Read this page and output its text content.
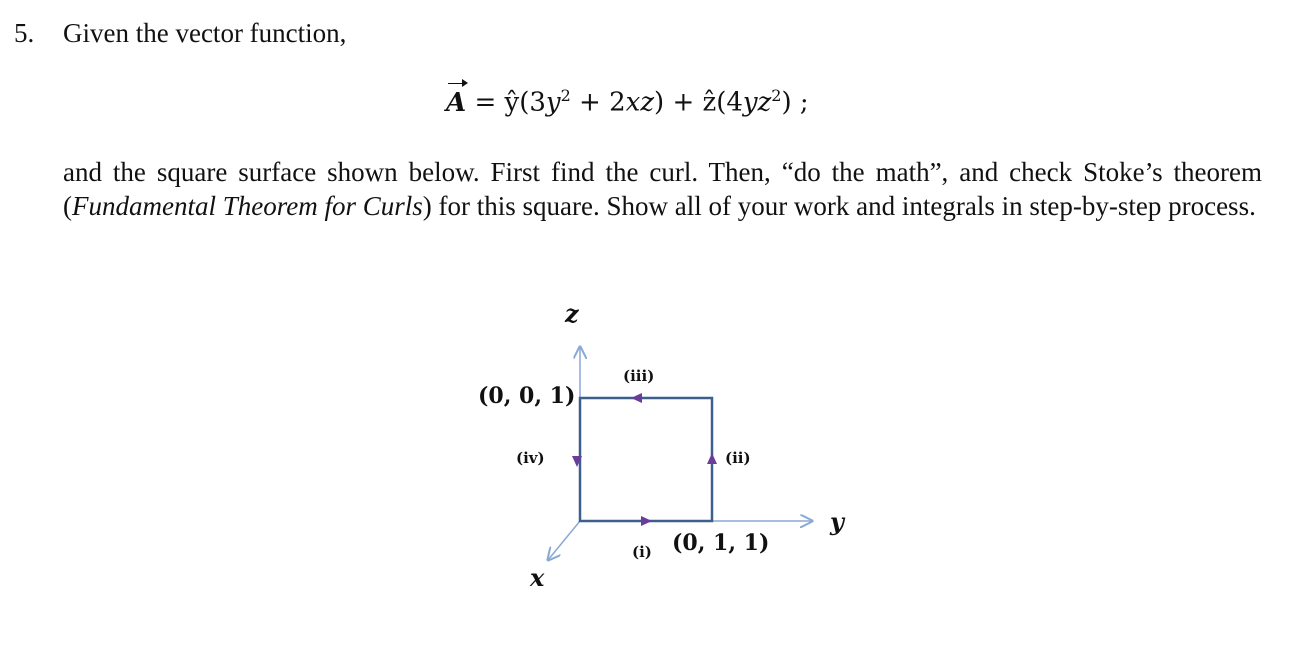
5. Given the vector function,
$A = ŷ(3y^2 + 2xz)$ + $ẑ(4yz^2)$ ;

and the square surface shown below. First find the curl. Then, “do the math”, and check Stoke’s theorem (Fundamental Theorem for Curls) for this square. Show all of your work and integrals in step-by-step process.

z
y
x
(0, 0, 1)
(0, 1, 1)
(i)
(ii)
(iii)
(iv)
